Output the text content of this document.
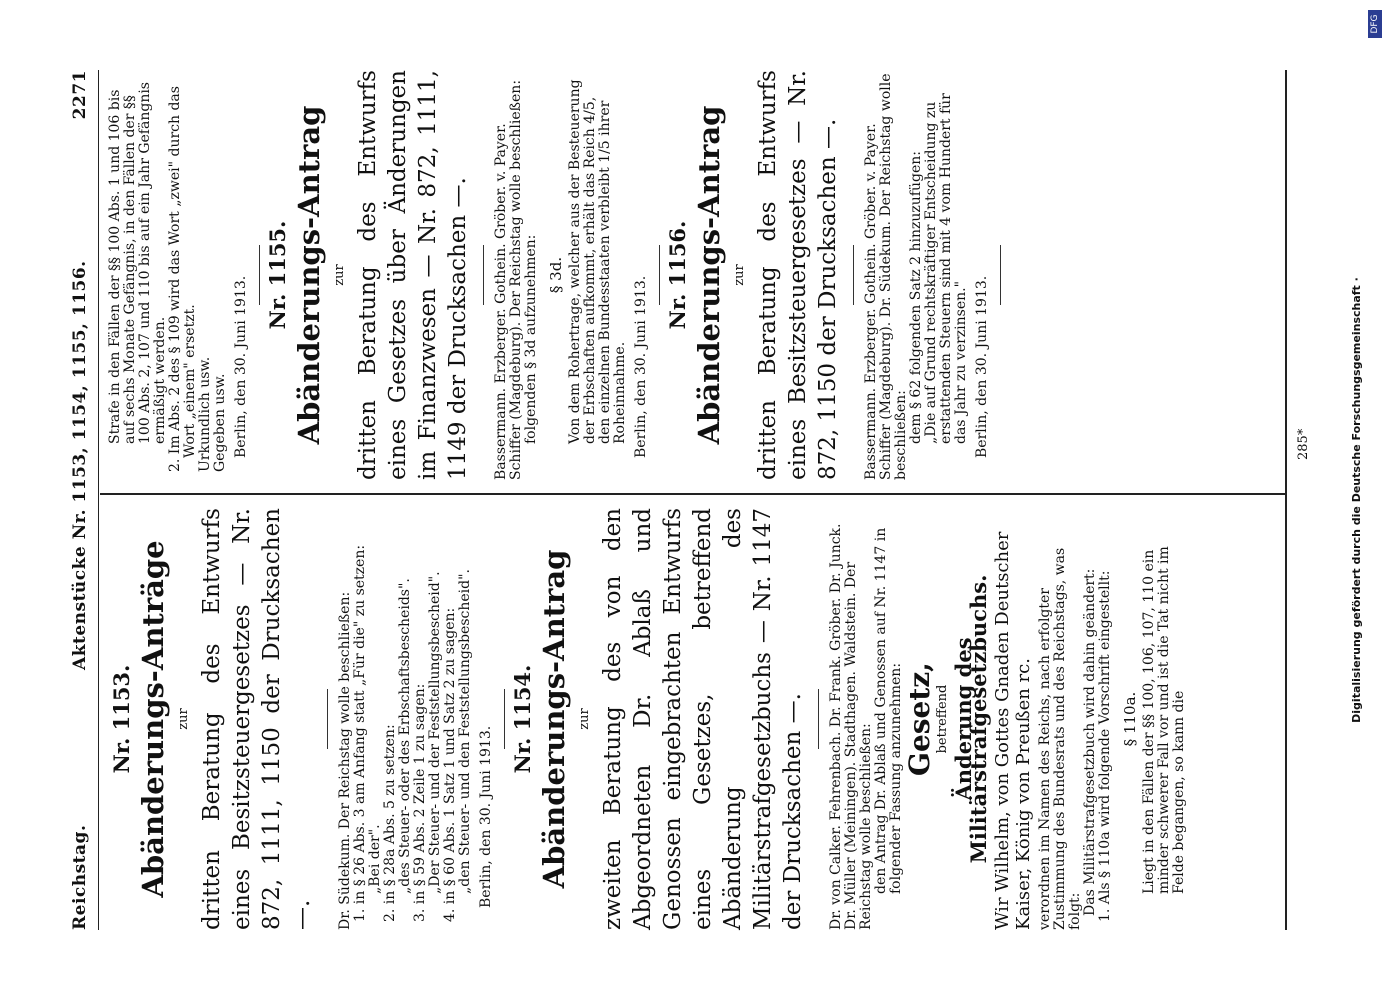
Reichstag.
Aktenstücke Nr. 1153, 1154, 1155, 1156.
2271

Nr. 1153. Abänderungs-Anträge zur dritten Beratung des Entwurfs eines Besitzsteuergesetzes — Nr. 872, 1111, 1150 der Drucksachen —. Dr. Südekum. Der Reichstag wolle beschließen: 1. in § 26 Abs. 3 am Anfang statt „Für die" zu setzen: „Bei der". 2. in § 28a Abs. 5 zu setzen: „des Steuer- oder des Erbschaftsbescheids". 3. in § 59 Abs. 2 Zeile 1 zu sagen: „Der Steuer- und der Feststellungsbescheid". 4. in § 60 Abs. 1 Satz 1 und Satz 2 zu sagen: „den Steuer- und den Feststellungsbescheid". Berlin, den 30. Juni 1913.

Nr. 1154. Abänderungs-Antrag zur zweiten Beratung des von den Abgeordneten Dr. Ablaß und Genossen eingebrachten Entwurfs eines Gesetzes, betreffend Abänderung des Militärstrafgesetzbuchs — Nr. 1147 der Drucksachen —. Dr. von Calker. Fehrenbach. Dr. Frank. Gröber. Dr. Junck. Dr. Müller (Meiningen). Stadthagen. Waldstein. Der Reichstag wolle beschließen: den Antrag Dr. Ablaß und Genossen auf Nr. 1147 in folgender Fassung anzunehmen: Gesetz, betreffend Änderung des Militärstrafgesetzbuchs. Wir Wilhelm, von Gottes Gnaden Deutscher Kaiser, König von Preußen rc. verordnen im Namen des Reichs, nach erfolgter Zustimmung des Bundesrats und des Reichstags, was folgt: Das Militärstrafgesetzbuch wird dahin geändert: 1. Als § 110a wird folgende Vorschrift eingestellt: § 110a. Liegt in den Fällen der §§ 100, 106, 107, 110 ein minder schwerer Fall vor und ist die Tat nicht im Felde begangen, so kann die

Strafe in den Fällen der §§ 100 Abs. 1 und 106 bis auf sechs Monate Gefängnis, in den Fällen der §§ 100 Abs. 2, 107 und 110 bis auf ein Jahr Gefängnis ermäßigt werden. 2. Im Abs. 2 des § 109 wird das Wort „zwei" durch das Wort „einem" ersetzt. Urkundlich usw. Gegeben usw. Berlin, den 30. Juni 1913.

Nr. 1155. Abänderungs-Antrag zur dritten Beratung des Entwurfs eines Gesetzes über Änderungen im Finanzwesen — Nr. 872, 1111, 1149 der Drucksachen —. Bassermann. Erzberger. Gothein. Gröber. v. Payer. Schiffer (Magdeburg). Der Reichstag wolle beschließen: folgenden § 3d aufzunehmen: § 3d. Von dem Rohertrage, welcher aus der Besteuerung der Erbschaften aufkommt, erhält das Reich 4/5, den einzelnen Bundesstaaten verbleibt 1/5 ihrer Roheinnahme. Berlin, den 30. Juni 1913.

Nr. 1156. Abänderungs-Antrag zur dritten Beratung des Entwurfs eines Besitzsteuergesetzes — Nr. 872, 1150 der Drucksachen —. Bassermann. Erzberger. Gothein. Gröber. v. Payer. Schiffer (Magdeburg). Dr. Südekum. Der Reichstag wolle beschließen: dem § 62 folgenden Satz 2 hinzuzufügen: „Die auf Grund rechtskräftiger Entscheidung zu erstattenden Steuern sind mit 4 vom Hundert für das Jahr zu verzinsen." Berlin, den 30. Juni 1913.	285*	Digitalisierung gefördert durch die Deutsche Forschungsgemeinschaft ·
DFG
